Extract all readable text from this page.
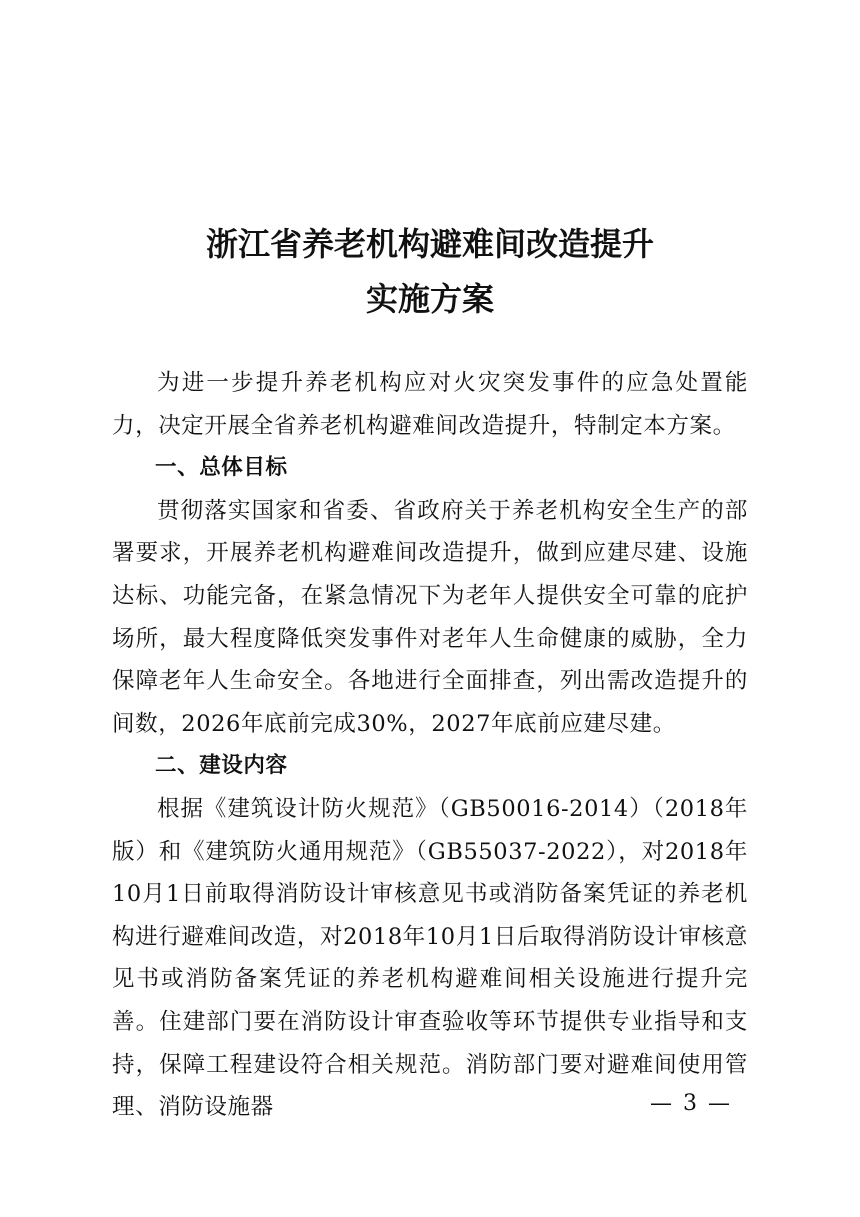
浙江省养老机构避难间改造提升
实施方案

为进一步提升养老机构应对火灾突发事件的应急处置能力，决定开展全省养老机构避难间改造提升，特制定本方案。

一、总体目标

贯彻落实国家和省委、省政府关于养老机构安全生产的部署要求，开展养老机构避难间改造提升，做到应建尽建、设施达标、功能完备，在紧急情况下为老年人提供安全可靠的庇护场所，最大程度降低突发事件对老年人生命健康的威胁，全力保障老年人生命安全。各地进行全面排查，列出需改造提升的间数，2026年底前完成30%，2027年底前应建尽建。

二、建设内容

根据《建筑设计防火规范》（GB50016-2014）（2018年版）和《建筑防火通用规范》（GB55037-2022），对2018年10月1日前取得消防设计审核意见书或消防备案凭证的养老机构进行避难间改造，对2018年10月1日后取得消防设计审核意见书或消防备案凭证的养老机构避难间相关设施进行提升完善。住建部门要在消防设计审查验收等环节提供专业指导和支持，保障工程建设符合相关规范。消防部门要对避难间使用管理、消防设施器	— 3 —
